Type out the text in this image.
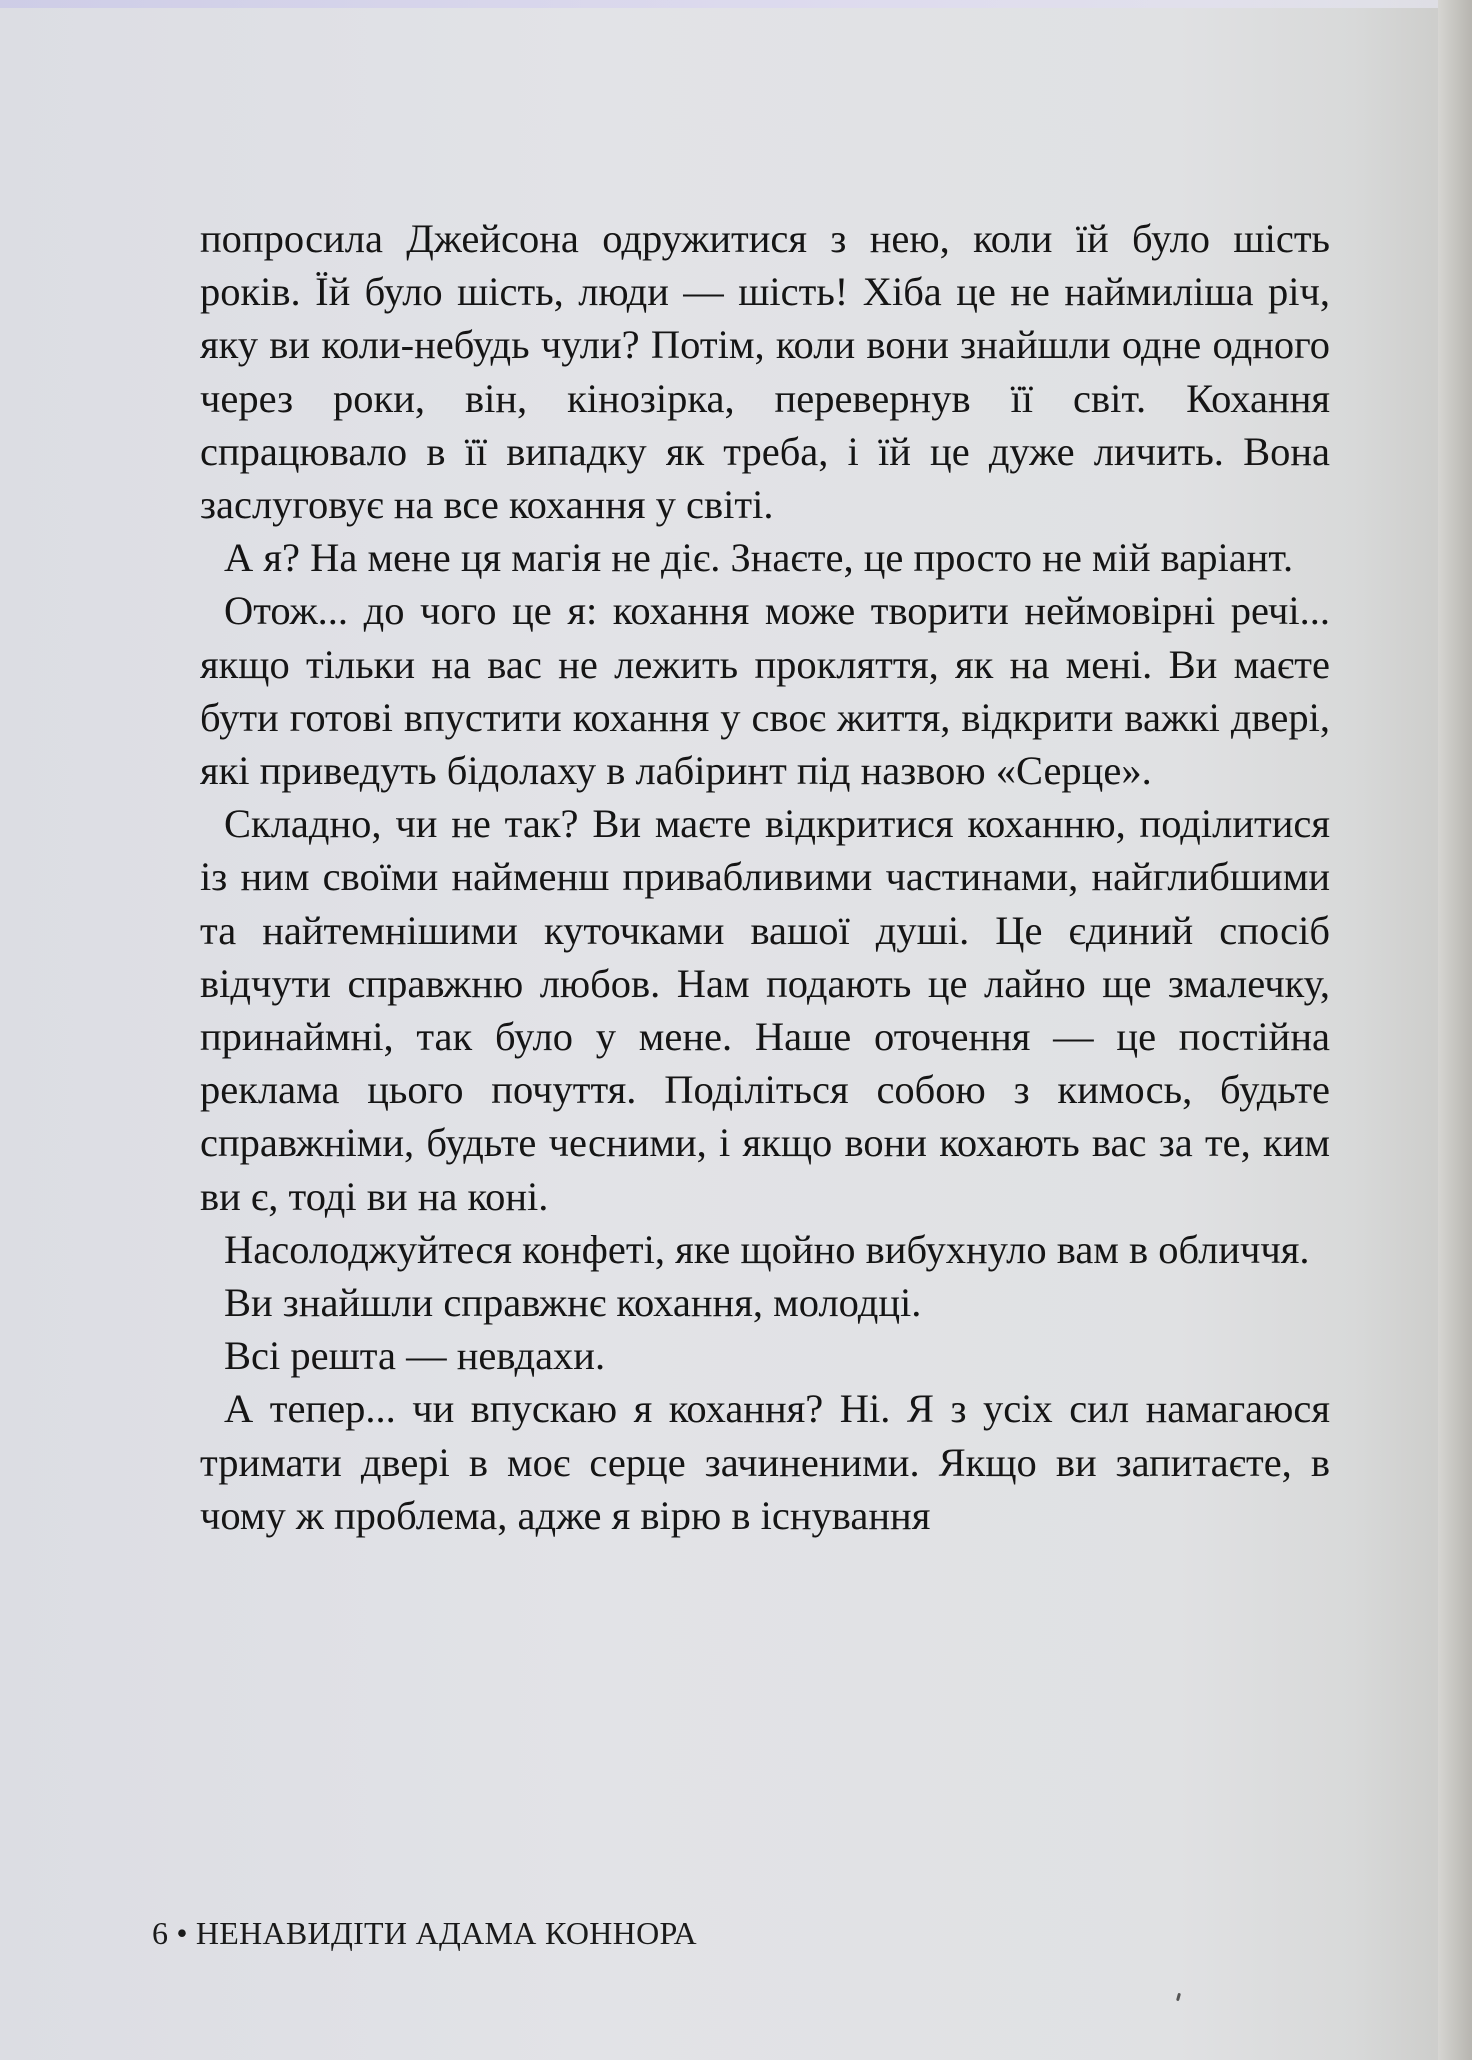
попросила Джейсона одружитися з нею, коли їй було шість років. Їй було шість, люди — шість! Хіба це не наймиліша річ, яку ви коли-небудь чули? Потім, коли вони знайшли одне одного через роки, він, кінозірка, перевернув її світ. Кохання спрацювало в її випадку як треба, і їй це дуже личить. Вона заслуговує на все кохання у світі.

А я? На мене ця магія не діє. Знаєте, це просто не мій варіант.

Отож... до чого це я: кохання може творити неймовірні речі... якщо тільки на вас не лежить прокляття, як на мені. Ви маєте бути готові впустити кохання у своє життя, відкрити важкі двері, які приведуть бідолаху в лабіринт під назвою «Серце».

Складно, чи не так? Ви маєте відкритися коханню, поділитися із ним своїми найменш привабливими частинами, найглибшими та найтемнішими куточками вашої душі. Це єдиний спосіб відчути справжню любов. Нам подають це лайно ще змалечку, принаймні, так було у мене. Наше оточення — це постійна реклама цього почуття. Поділіться собою з кимось, будьте справжніми, будьте чесними, і якщо вони кохають вас за те, ким ви є, тоді ви на коні.

Насолоджуйтеся конфеті, яке щойно вибухнуло вам в обличчя.

Ви знайшли справжнє кохання, молодці.

Всі решта — невдахи.

А тепер... чи впускаю я кохання? Ні. Я з усіх сил намагаюся тримати двері в моє серце зачиненими. Якщо ви запитаєте, в чому ж проблема, адже я вірю в існування

6 • НЕНАВИДІТИ АДАМА КОННОРА
